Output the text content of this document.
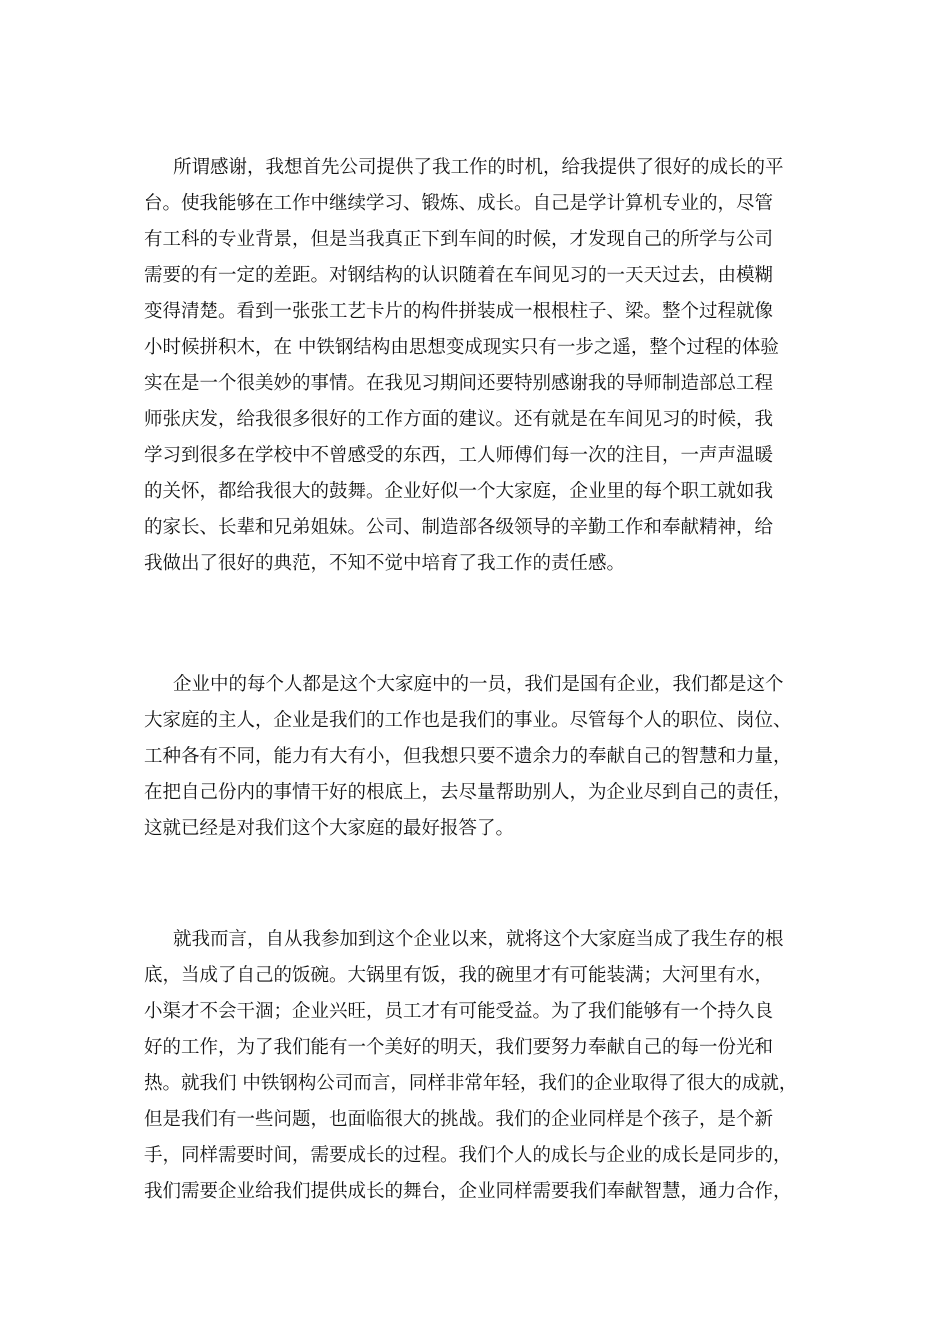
所谓感谢，我想首先公司提供了我工作的时机，给我提供了很好的成长的平
台。使我能够在工作中继续学习、锻炼、成长。自己是学计算机专业的，尽管
有工科的专业背景，但是当我真正下到车间的时候，才发现自己的所学与公司
需要的有一定的差距。对钢结构的认识随着在车间见习的一天天过去，由模糊
变得清楚。看到一张张工艺卡片的构件拼装成一根根柱子、梁。整个过程就像
小时候拼积木，在 中铁钢结构由思想变成现实只有一步之遥，整个过程的体验
实在是一个很美妙的事情。在我见习期间还要特别感谢我的导师制造部总工程
师张庆发，给我很多很好的工作方面的建议。还有就是在车间见习的时候，我
学习到很多在学校中不曾感受的东西，工人师傅们每一次的注目，一声声温暖
的关怀，都给我很大的鼓舞。企业好似一个大家庭，企业里的每个职工就如我
的家长、长辈和兄弟姐妹。公司、制造部各级领导的辛勤工作和奉献精神，给
我做出了很好的典范，不知不觉中培育了我工作的责任感。

企业中的每个人都是这个大家庭中的一员，我们是国有企业，我们都是这个
大家庭的主人，企业是我们的工作也是我们的事业。尽管每个人的职位、岗位、
工种各有不同，能力有大有小，但我想只要不遗余力的奉献自己的智慧和力量，
在把自己份内的事情干好的根底上，去尽量帮助别人，为企业尽到自己的责任，
这就已经是对我们这个大家庭的最好报答了。

就我而言，自从我参加到这个企业以来，就将这个大家庭当成了我生存的根
底，当成了自己的饭碗。大锅里有饭，我的碗里才有可能装满；大河里有水，
小渠才不会干涸；企业兴旺，员工才有可能受益。为了我们能够有一个持久良
好的工作，为了我们能有一个美好的明天，我们要努力奉献自己的每一份光和
热。就我们 中铁钢构公司而言，同样非常年轻，我们的企业取得了很大的成就，
但是我们有一些问题，也面临很大的挑战。我们的企业同样是个孩子，是个新
手，同样需要时间，需要成长的过程。我们个人的成长与企业的成长是同步的，
我们需要企业给我们提供成长的舞台，企业同样需要我们奉献智慧，通力合作，
